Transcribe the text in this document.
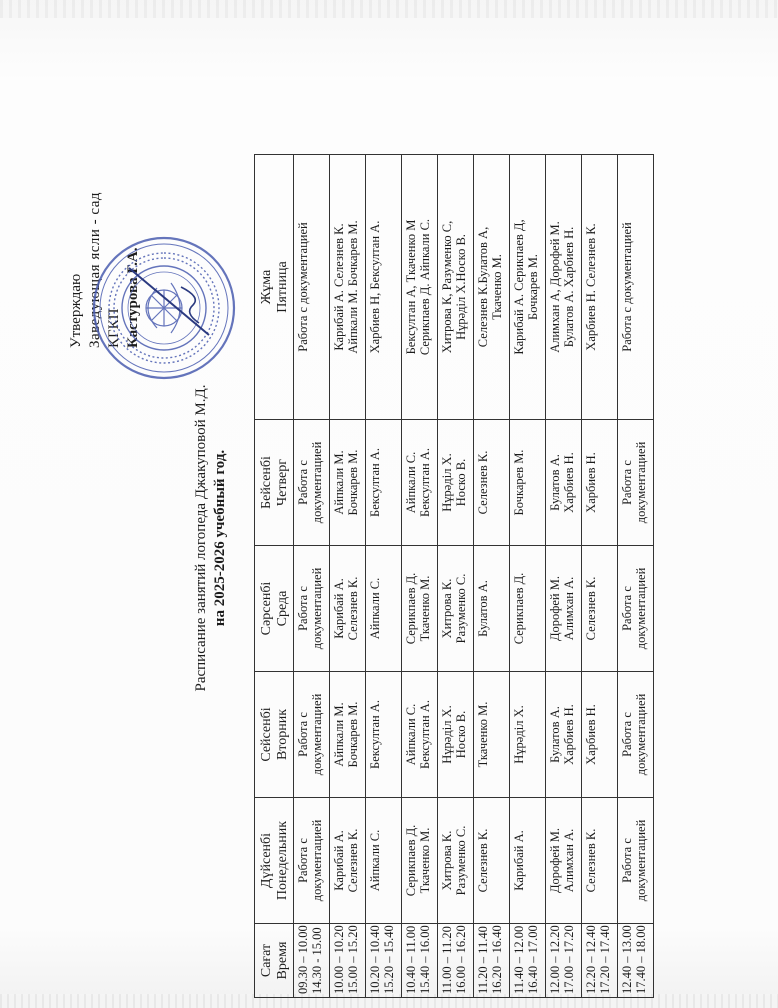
Утверждаю Заведующая ясли - сад КГКП Кастурова Г.А.
Расписание занятий логопеда Джакуповой М.Д. на 2025-2026 учебный год.
Сағат Время	Дүйсенбі Понедельник	Сейсенбі Вторник	Сәрсенбі Среда	Бейсенбі Четверг	Жұма Пятница

09.30 – 10.00 14.30 - 15.00	Работа с документацией	Работа с документацией	Работа с документацией	Работа с документацией	Работа с документацией

10.00 – 10.20 15.00 – 15.20	Карибай А. Селезнев К.	Айпкали М. Бочкарев М.	Карибай А. Селезнев К.	Айпкали М. Бочкарев М.	Карибай А. Селезнев К. Айпкали М. Бочкарев М.

10.20 – 10.40 15.20 – 15.40	Айпкали С.	Бексултан А.	Айпкали С.	Бексултан А.	Харбиев Н, Бексултан А.

10.40 – 11.00 15.40 – 16.00	Серикпаев Д. Ткаченко М.	Айпкали С. Бексултан А.	Серикпаев Д. Ткаченко М.	Айпкали С. Бексултан А.	Бексултан А, Ткаченко М Серикпаев Д. Айпкали С.

11.00 – 11.20 16.00 – 16.20	Хитрова К. Разуменко С.	Нұрәділ Х. Носко В.	Хитрова К. Разуменко С.	Нұрәділ Х. Носко В.	Хитрова К, Разуменко С, Нұрәділ Х.Носко В.

11.20 – 11.40 16.20 – 16.40	Селезнев К.	Ткаченко М.	Булатов А.	Селезнев К.	Селезнев К.Булатов А, Ткаченко М.

11.40 – 12.00 16.40 – 17.00	Карибай А.	Нұрәділ Х.	Серикпаев Д.	Бочкарев М.	Карибай А. Серикпаев Д, Бочкарев М.

12.00 – 12.20 17.00 – 17.20	Дорофей М. Алимхан А.	Булатов А. Харбиев Н.	Дорофей М. Алимхан А.	Булатов А. Харбиев Н.	Алимхан А, Дорофей М. Булатов А. Харбиев Н.

12.20 – 12.40 17.20 – 17.40	Селезнев К.	Харбиев Н.	Селезнев К.	Харбиев Н.	Харбиев Н. Селезнев К.

12.40 – 13.00 17.40 – 18.00	Работа с документацией	Работа с документацией	Работа с документацией	Работа с документацией	Работа с документацией
